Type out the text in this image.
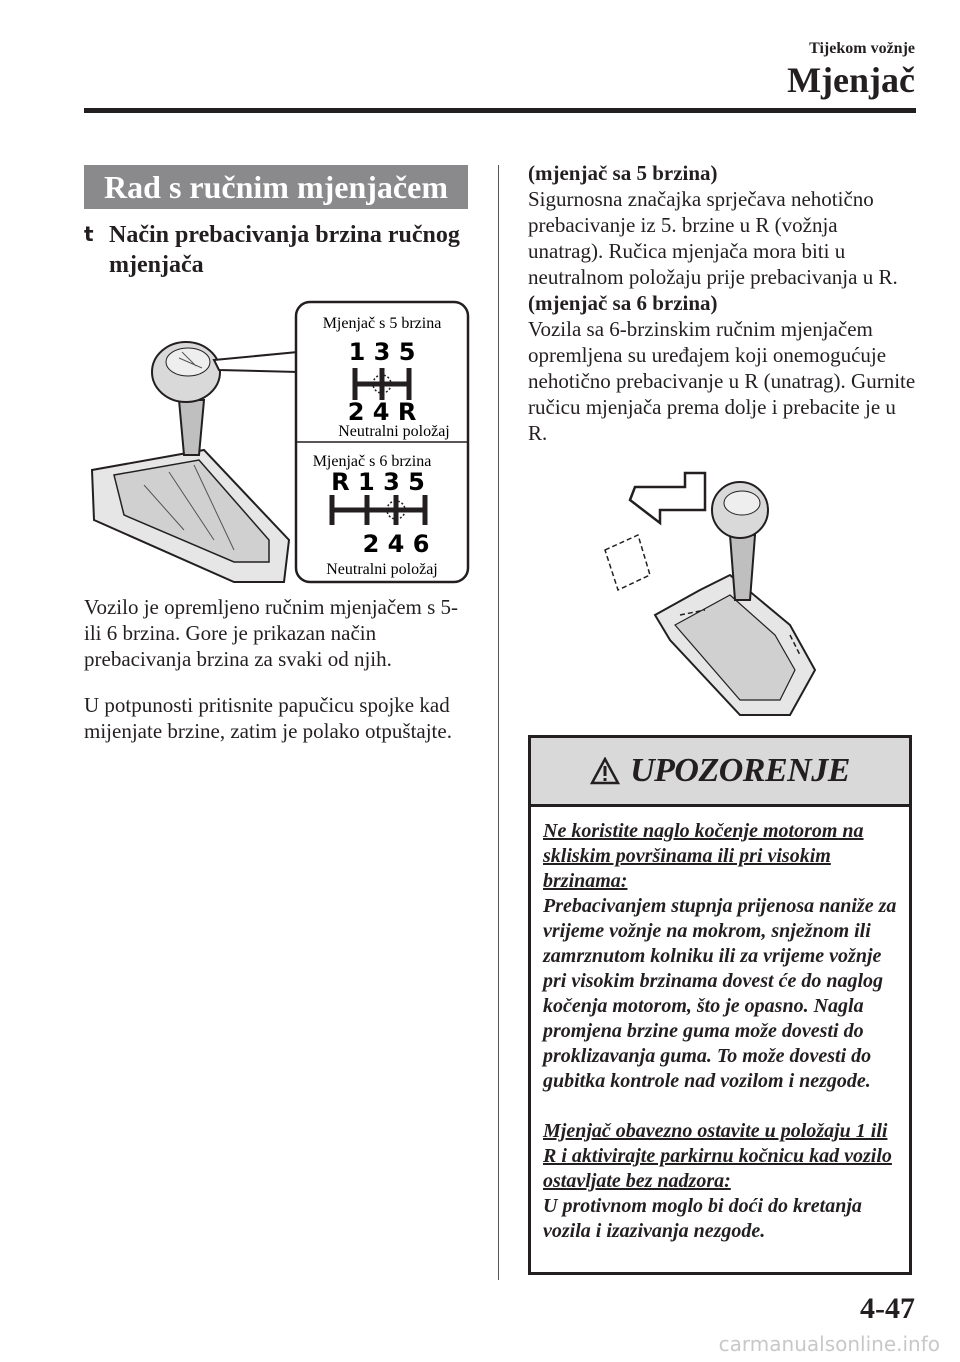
Tijekom vožnje
Mjenjač
Rad s ručnim mjenjačem
t Način prebacivanja brzina ručnog mjenjača
Mjenjač s 5 brzina
1 3 5
2 4 R
Neutralni položaj
Mjenjač s 6 brzina
R 1 3 5
2 4 6
Neutralni položaj
Vozilo je opremljeno ručnim mjenjačem s 5-ili 6 brzina. Gore je prikazan način prebacivanja brzina za svaki od njih.
U potpunosti pritisnite papučicu spojke kad mijenjate brzine, zatim je polako otpuštajte.

(mjenjač sa 5 brzina)

Sigurnosna značajka sprječava nehotično prebacivanje iz 5. brzine u R (vožnja unatrag). Ručica mjenjača mora biti u neutralnom položaju prije prebacivanja u R.

(mjenjač sa 6 brzina)

Vozila sa 6-brzinskim ručnim mjenjačem opremljena su uređajem koji onemogućuje nehotično prebacivanje u R (unatrag). Gurnite ručicu mjenjača prema dolje i prebacite je u R.

UPOZORENJE

Ne koristite naglo kočenje motorom na skliskim površinama ili pri visokim brzinama:

Prebacivanjem stupnja prijenosa naniže za vrijeme vožnje na mokrom, snježnom ili zamrznutom kolniku ili za vrijeme vožnje pri visokim brzinama dovest će do naglog kočenja motorom, što je opasno. Nagla promjena brzine guma može dovesti do proklizavanja guma. To može dovesti do gubitka kontrole nad vozilom i nezgode.

Mjenjač obavezno ostavite u položaju 1 ili R i aktivirajte parkirnu kočnicu kad vozilo ostavljate bez nadzora:

U protivnom moglo bi doći do kretanja vozila i izazivanja nezgode.

4-47
carmanualsonline.info
